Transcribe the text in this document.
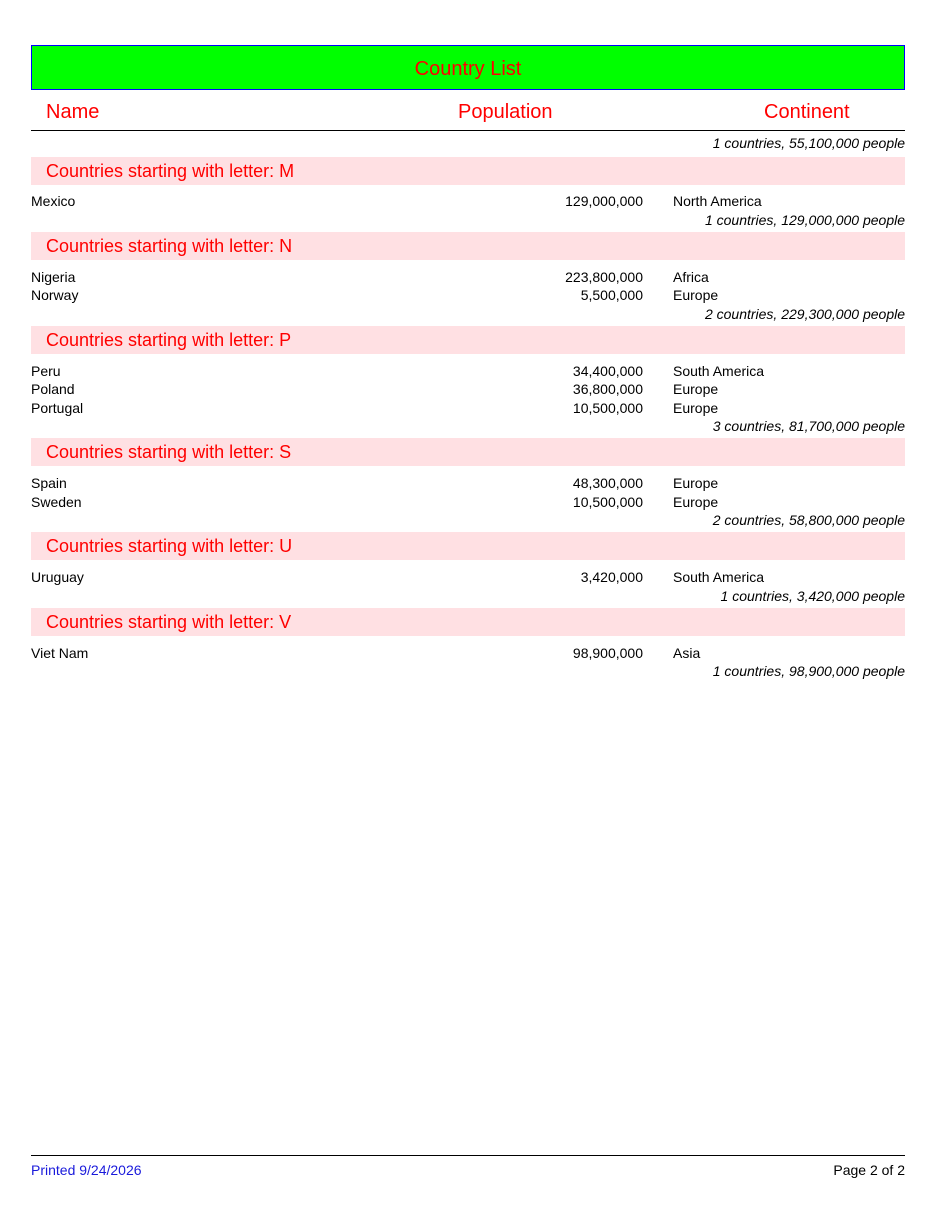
Country List
Name	Population	Continent
1 countries, 55,100,000 people
Countries starting with letter: M
Mexico	129,000,000 North America
1 countries, 129,000,000 people
Countries starting with letter: N
Nigeria	223,800,000 Africa
Norway	5,500,000 Europe
2 countries, 229,300,000 people
Countries starting with letter: P
Peru	34,400,000 South America
Poland	36,800,000 Europe
Portugal	10,500,000 Europe
3 countries, 81,700,000 people
Countries starting with letter: S
Spain	48,300,000 Europe
Sweden	10,500,000 Europe
2 countries, 58,800,000 people
Countries starting with letter: U
Uruguay	3,420,000 South America
1 countries, 3,420,000 people
Countries starting with letter: V
Viet Nam	98,900,000 Asia
1 countries, 98,900,000 people
Printed 9/24/2026	Page 2 of 2
